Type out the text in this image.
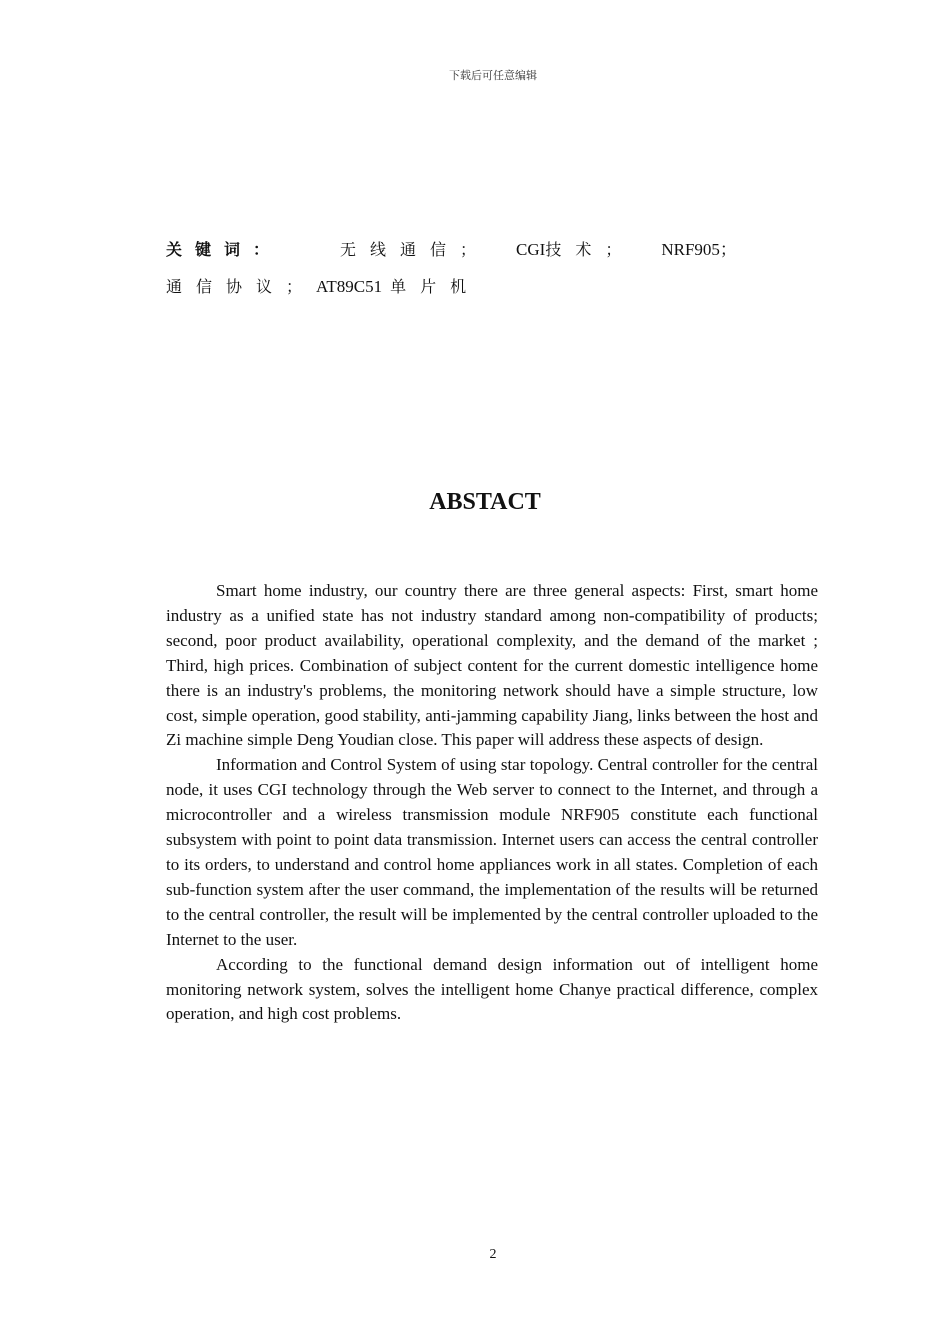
下载后可任意编辑
关键词：	无线通信； CGI 技术； NRF905；
通信协议； AT89C51 单片机
ABSTACT

Smart home industry, our country there are three general aspects: First, smart home industry as a unified state has not industry standard among non-compatibility of products; second, poor product availability, operational complexity, and the demand of the market ; Third, high prices. Combination of subject content for the current domestic intelligence home there is an industry's problems, the monitoring network should have a simple structure, low cost, simple operation, good stability, anti-jamming capability Jiang, links between the host and Zi machine simple Deng Youdian close. This paper will address these aspects of design.

Information and Control System of using star topology. Central controller for the central node, it uses CGI technology through the Web server to connect to the Internet, and through a microcontroller and a wireless transmission module NRF905 constitute each functional subsystem with point to point data transmission. Internet users can access the central controller to its orders, to understand and control home appliances work in all states. Completion of each sub-function system after the user command, the implementation of the results will be returned to the central controller, the result will be implemented by the central controller uploaded to the Internet to the user.

According to the functional demand design information out of intelligent home monitoring network system, solves the intelligent home Chanye practical difference, complex operation, and high cost problems.

2
